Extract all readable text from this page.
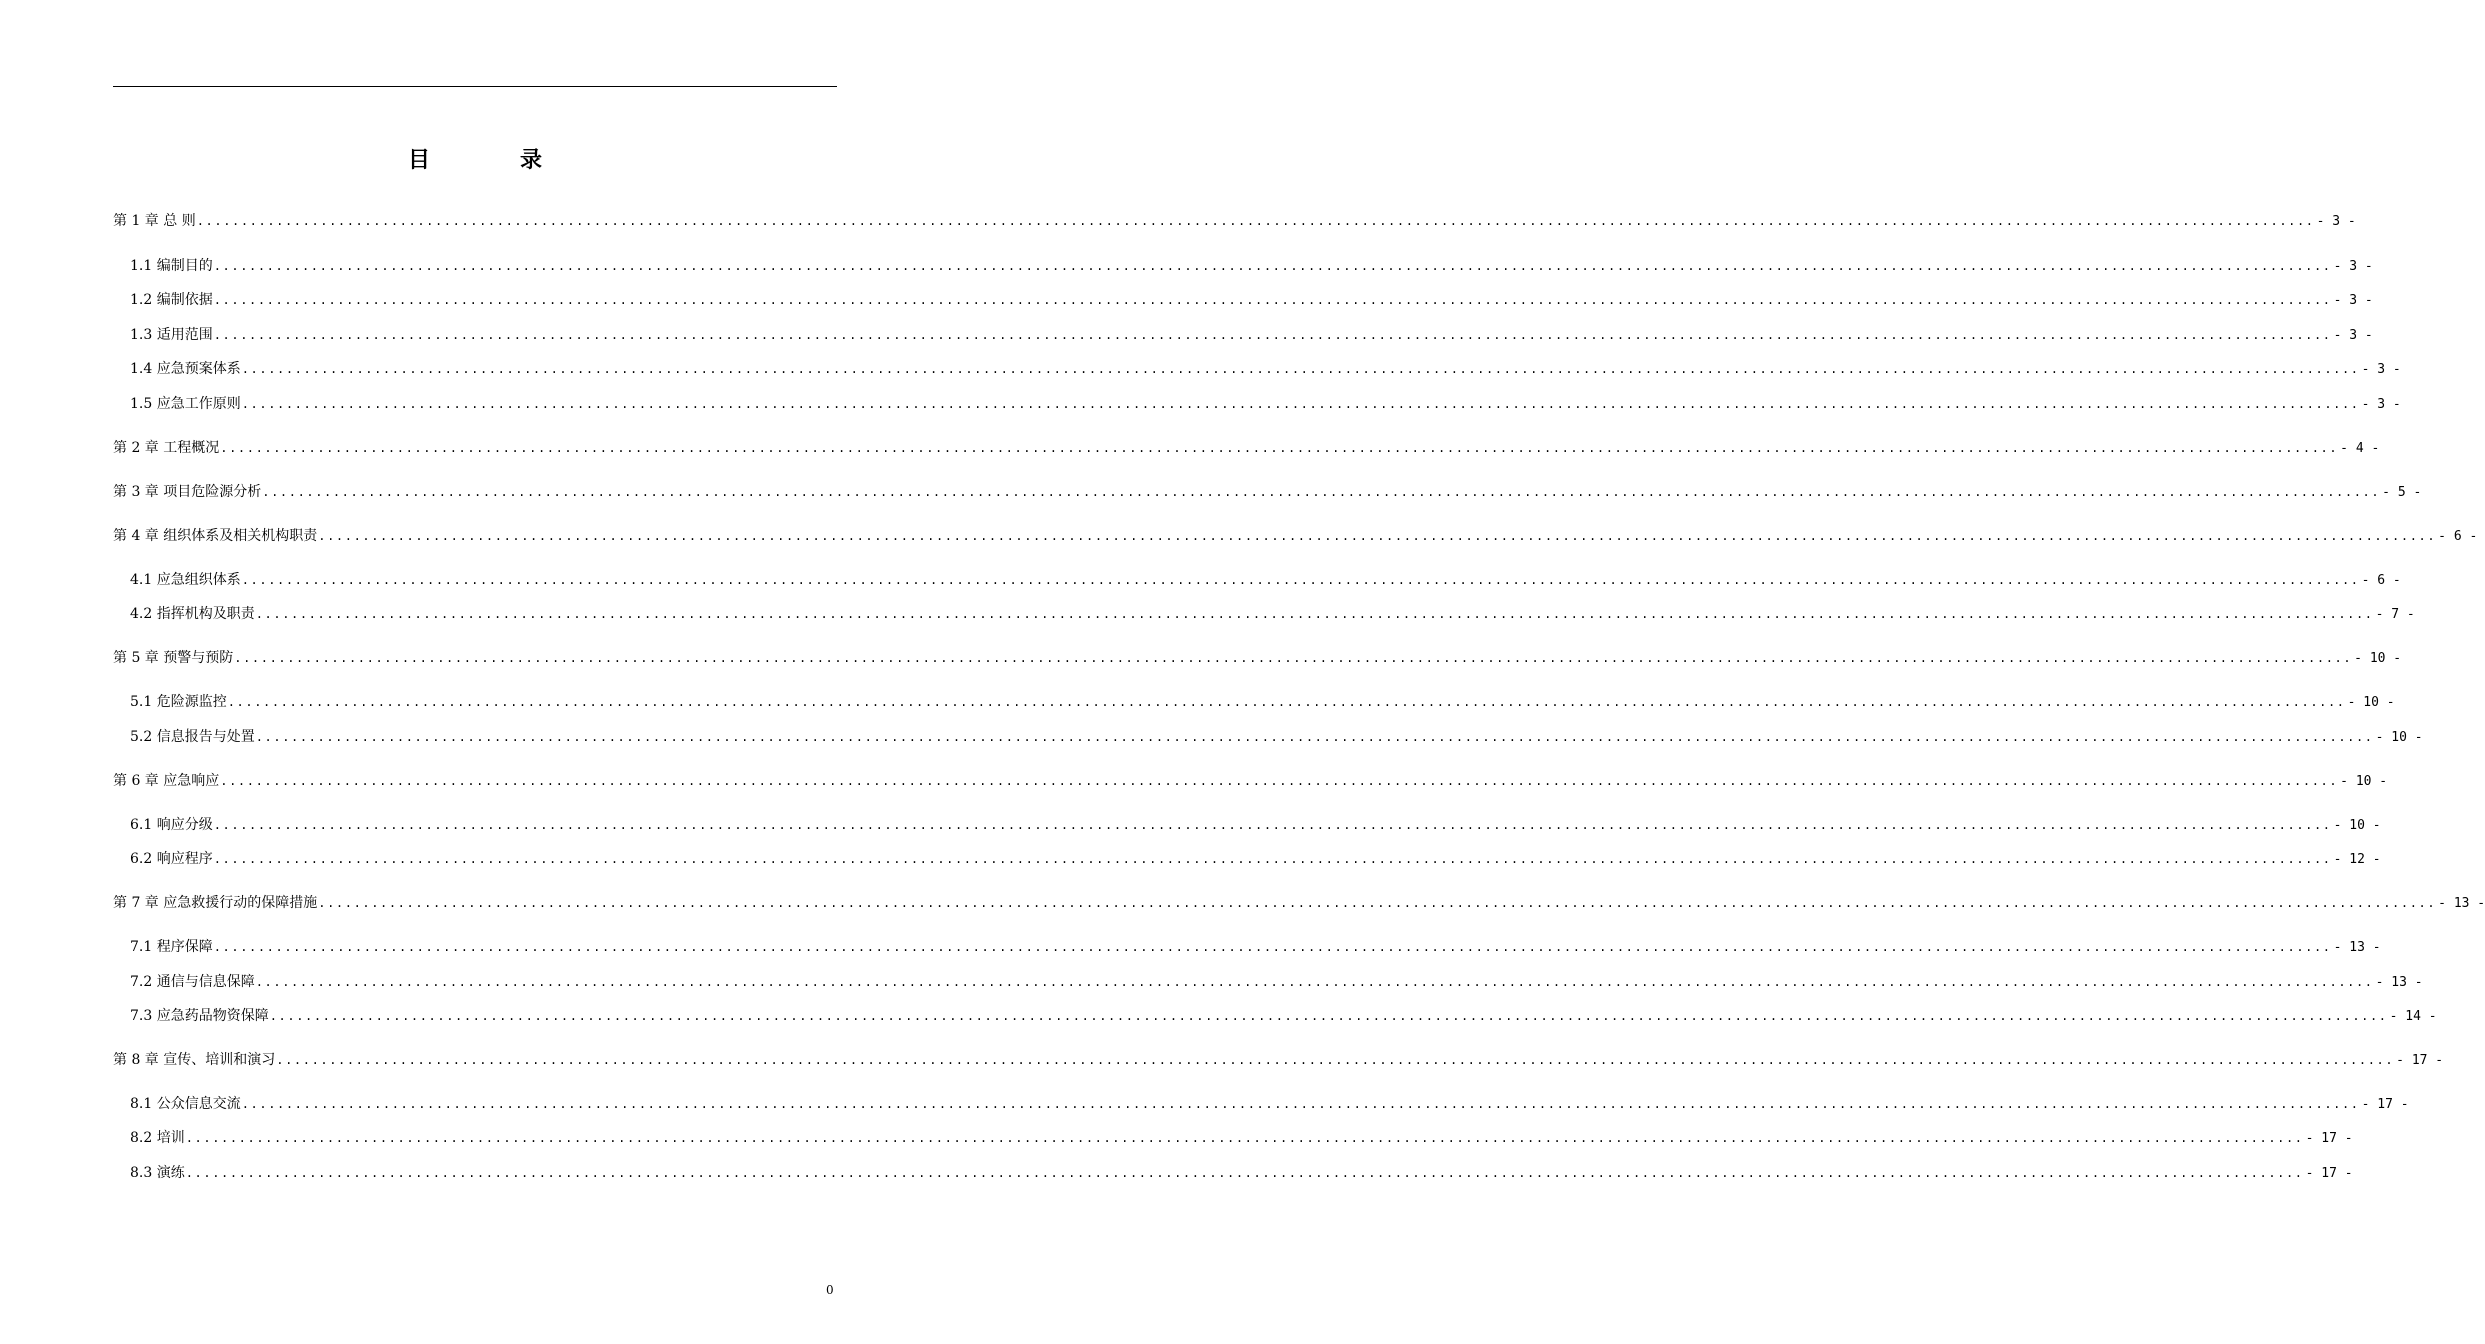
目　录
第 1 章 总 则 ................................................................................................................................................................................................................................................ - 3 -
1.1 编制目的 ................................................................................................................................................................................................................................................ - 3 -
1.2 编制依据 ................................................................................................................................................................................................................................................ - 3 -
1.3 适用范围 ................................................................................................................................................................................................................................................ - 3 -
1.4 应急预案体系 ................................................................................................................................................................................................................................................ - 3 -
1.5 应急工作原则 ................................................................................................................................................................................................................................................ - 3 -
第 2 章 工程概况 ................................................................................................................................................................................................................................................ - 4 -
第 3 章 项目危险源分析 ................................................................................................................................................................................................................................................ - 5 -
第 4 章 组织体系及相关机构职责 ................................................................................................................................................................................................................................................ - 6 -
4.1 应急组织体系 ................................................................................................................................................................................................................................................ - 6 -
4.2 指挥机构及职责 ................................................................................................................................................................................................................................................ - 7 -
第 5 章 预警与预防 ................................................................................................................................................................................................................................................ - 10 -
5.1 危险源监控 ................................................................................................................................................................................................................................................ - 10 -
5.2 信息报告与处置 ................................................................................................................................................................................................................................................ - 10 -
第 6 章 应急响应 ................................................................................................................................................................................................................................................ - 10 -
6.1 响应分级 ................................................................................................................................................................................................................................................ - 10 -
6.2 响应程序 ................................................................................................................................................................................................................................................ - 12 -
第 7 章 应急救援行动的保障措施 ................................................................................................................................................................................................................................................ - 13 -
7.1 程序保障 ................................................................................................................................................................................................................................................ - 13 -
7.2 通信与信息保障 ................................................................................................................................................................................................................................................ - 13 -
7.3 应急药品物资保障 ................................................................................................................................................................................................................................................ - 14 -
第 8 章 宣传、培训和演习 ................................................................................................................................................................................................................................................ - 17 -
8.1 公众信息交流 ................................................................................................................................................................................................................................................ - 17 -
8.2 培训 ................................................................................................................................................................................................................................................ - 17 -
8.3 演练 ................................................................................................................................................................................................................................................ - 17 -
0
